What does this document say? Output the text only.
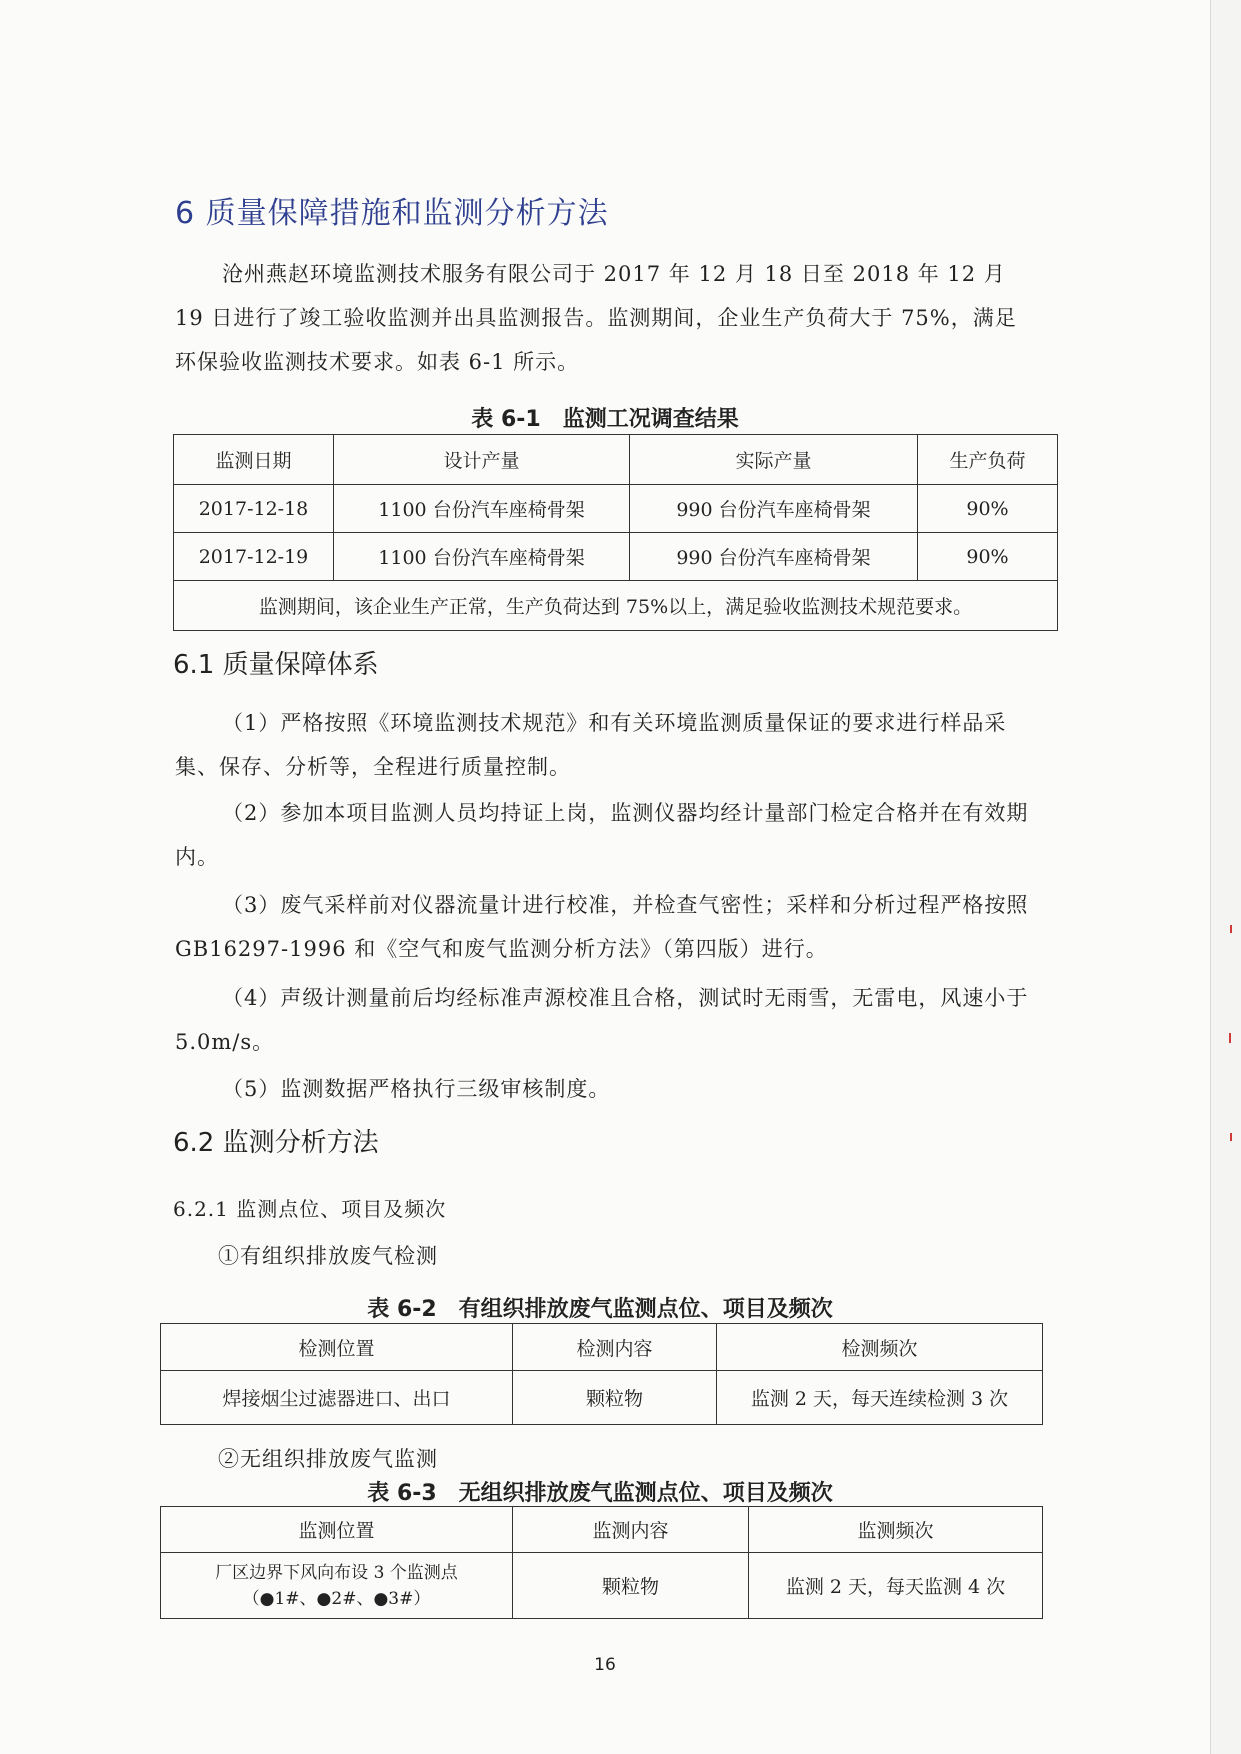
6 质量保障措施和监测分析方法
沧州燕赵环境监测技术服务有限公司于 2017 年 12 月 18 日至 2018 年 12 月 19 日进行了竣工验收监测并出具监测报告。监测期间，企业生产负荷大于 75%，满足环保验收监测技术要求。如表 6-1 所示。
表 6-1　监测工况调查结果
监测日期	设计产量	实际产量	生产负荷
2017-12-18	1100 台份汽车座椅骨架	990 台份汽车座椅骨架	90%
2017-12-19	1100 台份汽车座椅骨架	990 台份汽车座椅骨架	90%
监测期间，该企业生产正常，生产负荷达到 75%以上，满足验收监测技术规范要求。			
6.1 质量保障体系
（1）严格按照《环境监测技术规范》和有关环境监测质量保证的要求进行样品采集、保存、分析等，全程进行质量控制。
（2）参加本项目监测人员均持证上岗，监测仪器均经计量部门检定合格并在有效期内。
（3）废气采样前对仪器流量计进行校准，并检查气密性；采样和分析过程严格按照 GB16297-1996 和《空气和废气监测分析方法》（第四版）进行。
（4）声级计测量前后均经标准声源校准且合格，测试时无雨雪，无雷电，风速小于 5.0m/s。
（5）监测数据严格执行三级审核制度。
6.2 监测分析方法
6.2.1 监测点位、项目及频次
①有组织排放废气检测
表 6-2　有组织排放废气监测点位、项目及频次
检测位置	检测内容	检测频次
焊接烟尘过滤器进口、出口	颗粒物	监测 2 天，每天连续检测 3 次
②无组织排放废气监测
表 6-3　无组织排放废气监测点位、项目及频次
监测位置	监测内容	监测频次

厂区边界下风向布设 3 个监测点
（●1#、●2#、●3#）	颗粒物	监测 2 天，每天监测 4 次
16
